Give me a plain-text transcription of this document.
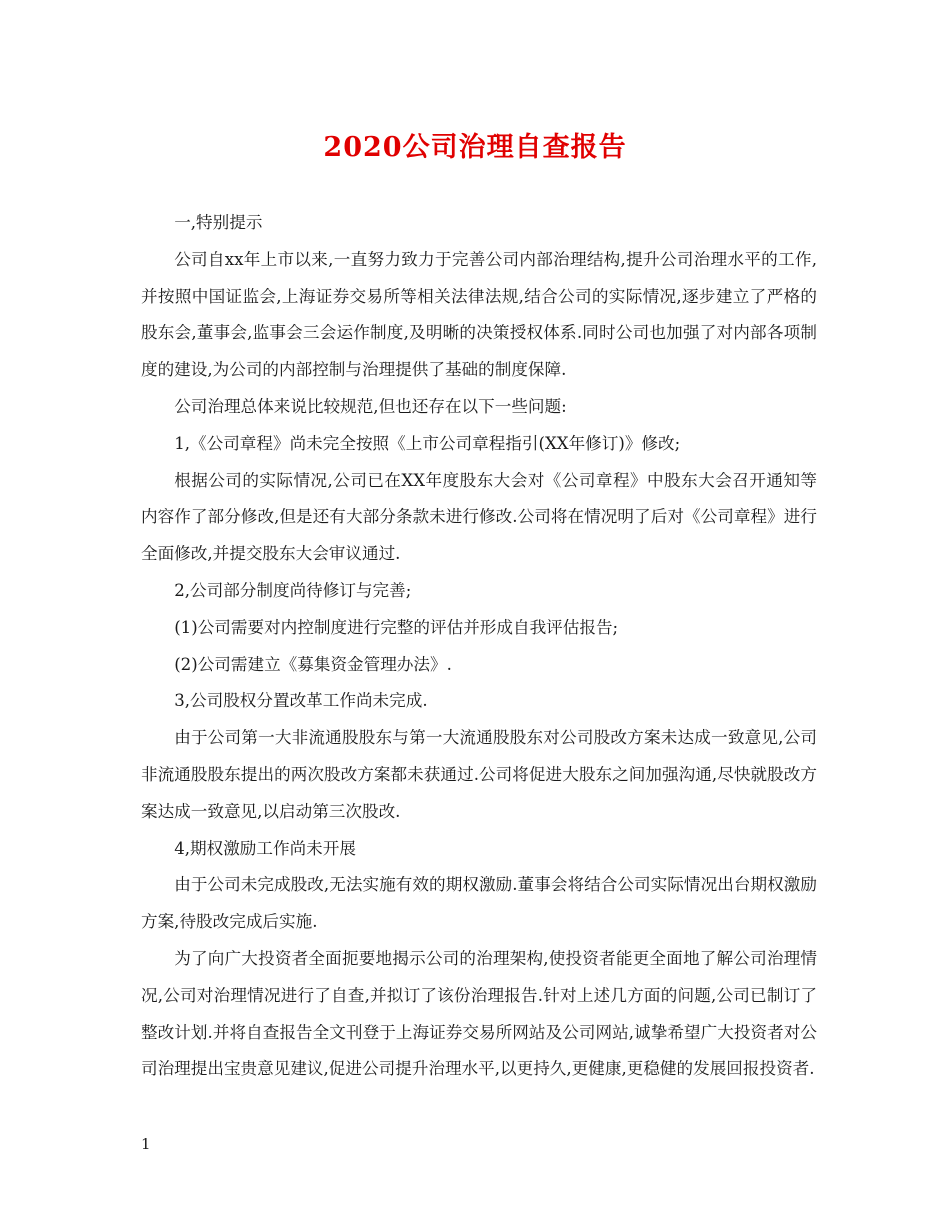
2020公司治理自查报告

一,特别提示

公司自xx年上市以来,一直努力致力于完善公司内部治理结构,提升公司治理水平的工作,并按照中国证监会,上海证券交易所等相关法律法规,结合公司的实际情况,逐步建立了严格的股东会,董事会,监事会三会运作制度,及明晰的决策授权体系.同时公司也加强了对内部各项制度的建设,为公司的内部控制与治理提供了基础的制度保障.

公司治理总体来说比较规范,但也还存在以下一些问题:

1,《公司章程》尚未完全按照《上市公司章程指引(XX年修订)》修改;

根据公司的实际情况,公司已在XX年度股东大会对《公司章程》中股东大会召开通知等内容作了部分修改,但是还有大部分条款未进行修改.公司将在情况明了后对《公司章程》进行全面修改,并提交股东大会审议通过.

2,公司部分制度尚待修订与完善;

(1)公司需要对内控制度进行完整的评估并形成自我评估报告;

(2)公司需建立《募集资金管理办法》.

3,公司股权分置改革工作尚未完成.

由于公司第一大非流通股股东与第一大流通股股东对公司股改方案未达成一致意见,公司非流通股股东提出的两次股改方案都未获通过.公司将促进大股东之间加强沟通,尽快就股改方案达成一致意见,以启动第三次股改.

4,期权激励工作尚未开展

由于公司未完成股改,无法实施有效的期权激励.董事会将结合公司实际情况出台期权激励方案,待股改完成后实施.

为了向广大投资者全面扼要地揭示公司的治理架构,使投资者能更全面地了解公司治理情况,公司对治理情况进行了自查,并拟订了该份治理报告.针对上述几方面的问题,公司已制订了整改计划.并将自查报告全文刊登于上海证券交易所网站及公司网站,诚挚希望广大投资者对公司治理提出宝贵意见建议,促进公司提升治理水平,以更持久,更健康,更稳健的发展回报投资者.

1
